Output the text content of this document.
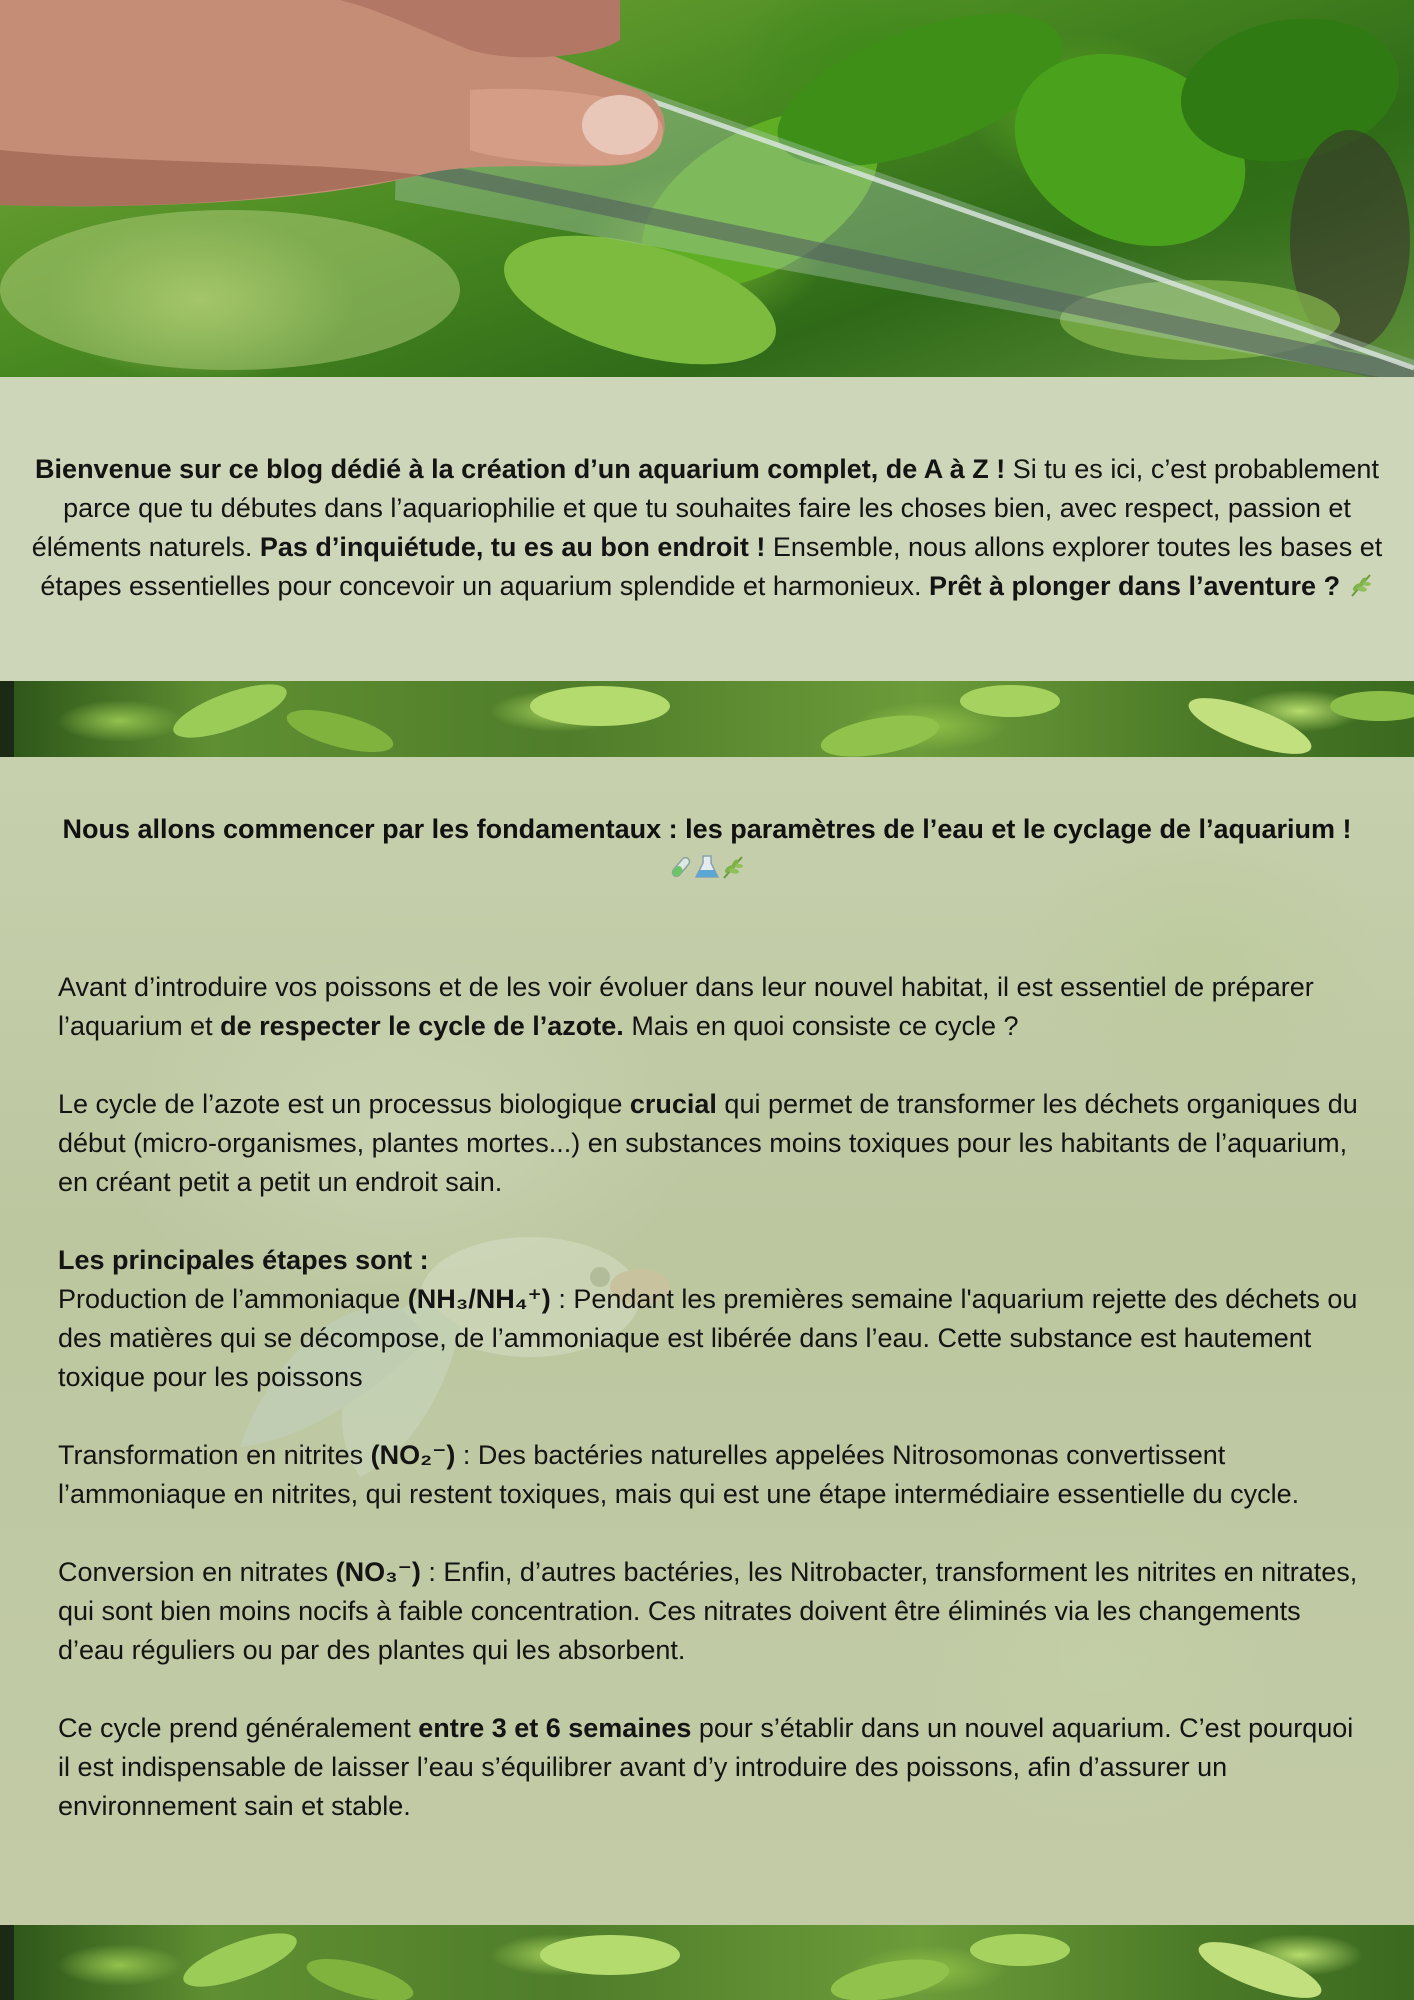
Bienvenue sur ce blog dédié à la création d’un aquarium complet, de A à Z ! Si tu es ici, c’est probablement parce que tu débutes dans l’aquariophilie et que tu souhaites faire les choses bien, avec respect, passion et éléments naturels. Pas d’inquiétude, tu es au bon endroit ! Ensemble, nous allons explorer toutes les bases et étapes essentielles pour concevoir un aquarium splendide et harmonieux. Prêt à plonger dans l’aventure ?

Nous allons commencer par les fondamentaux : les paramètres de l’eau et le cyclage de l’aquarium !

Avant d’introduire vos poissons et de les voir évoluer dans leur nouvel habitat, il est essentiel de préparer l’aquarium et de respecter le cycle de l’azote. Mais en quoi consiste ce cycle ?

Le cycle de l’azote est un processus biologique crucial qui permet de transformer les déchets organiques du début (micro-organismes, plantes mortes...) en substances moins toxiques pour les habitants de l’aquarium, en créant petit a petit un endroit sain.

Les principales étapes sont :

Production de l’ammoniaque (NH₃/NH₄⁺) : Pendant les premières semaine l'aquarium rejette des déchets ou des matières qui se décompose, de l’ammoniaque est libérée dans l’eau. Cette substance est hautement toxique pour les poissons

Transformation en nitrites (NO₂⁻) : Des bactéries naturelles appelées Nitrosomonas convertissent l’ammoniaque en nitrites, qui restent toxiques, mais qui est une étape intermédiaire essentielle du cycle.

Conversion en nitrates (NO₃⁻) : Enfin, d’autres bactéries, les Nitrobacter, transforment les nitrites en nitrates, qui sont bien moins nocifs à faible concentration. Ces nitrates doivent être éliminés via les changements d’eau réguliers ou par des plantes qui les absorbent.

Ce cycle prend généralement entre 3 et 6 semaines pour s’établir dans un nouvel aquarium. C’est pourquoi il est indispensable de laisser l’eau s’équilibrer avant d’y introduire des poissons, afin d’assurer un environnement sain et stable.
